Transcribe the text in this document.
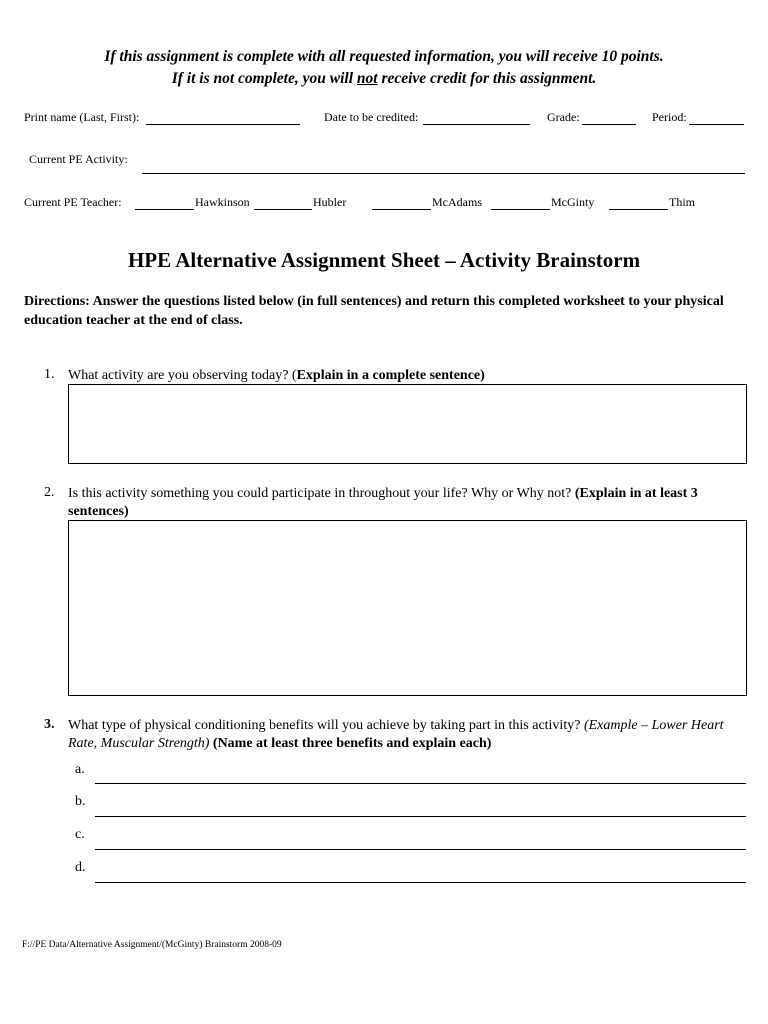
If this assignment is complete with all requested information, you will receive 10 points.
If it is not complete, you will not receive credit for this assignment.
Print name (Last, First):	Date to be credited:	Grade:	Period:
Current PE Activity:
Current PE Teacher:	Hawkinson	Hubler	McAdams	McGinty	Thim
HPE Alternative Assignment Sheet – Activity Brainstorm
Directions: Answer the questions listed below (in full sentences) and return this completed worksheet to your physical education teacher at the end of class.
1. What activity are you observing today? (Explain in a complete sentence)
2. Is this activity something you could participate in throughout your life? Why or Why not? (Explain in at least 3 sentences)
3. What type of physical conditioning benefits will you achieve by taking part in this activity? (Example – Lower Heart Rate, Muscular Strength) (Name at least three benefits and explain each)
a.
b.
c.
d.
F://PE Data/Alternative Assignment/(McGinty) Brainstorm 2008-09
